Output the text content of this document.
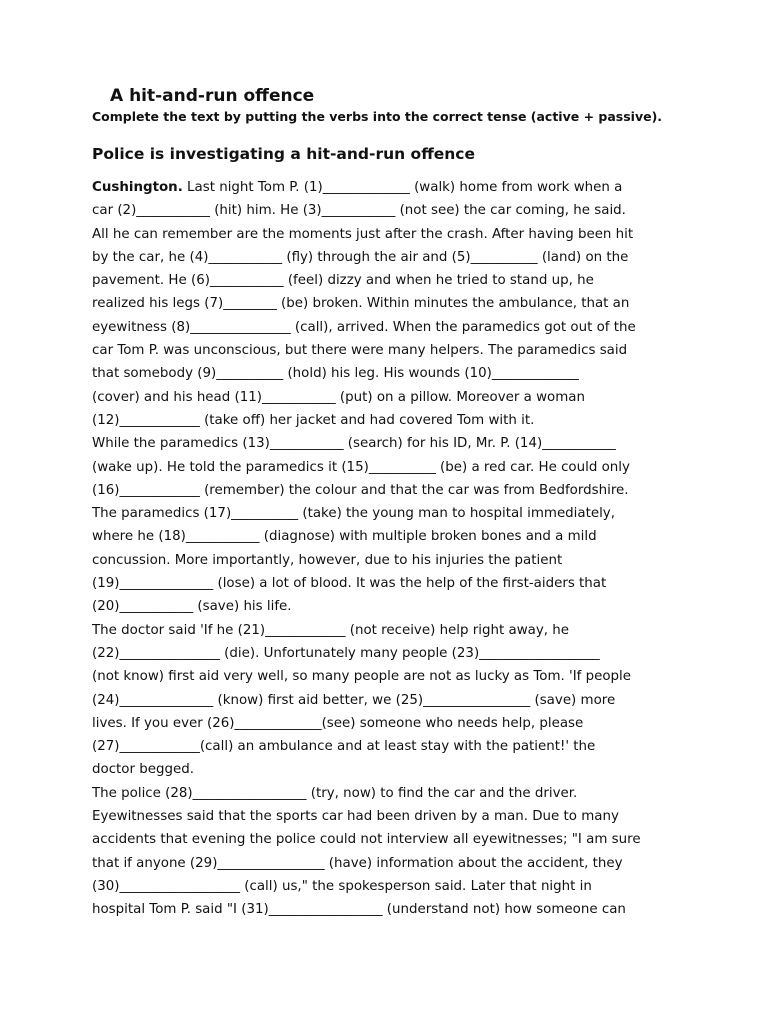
A hit-and-run offence

Complete the text by putting the verbs into the correct tense (active + passive).

Police is investigating a hit-and-run offence
Cushington. Last night Tom P. (1)_____________ (walk) home from work when a
car (2)___________ (hit) him. He (3)___________ (not see) the car coming, he said.
All he can remember are the moments just after the crash. After having been hit
by the car, he (4)___________ (fly) through the air and (5)__________ (land) on the
pavement. He (6)___________ (feel) dizzy and when he tried to stand up, he
realized his legs (7)________ (be) broken. Within minutes the ambulance, that an
eyewitness (8)_______________ (call), arrived. When the paramedics got out of the
car Tom P. was unconscious, but there were many helpers. The paramedics said
that somebody (9)__________ (hold) his leg. His wounds (10)_____________
(cover) and his head (11)___________ (put) on a pillow. Moreover a woman
(12)____________ (take off) her jacket and had covered Tom with it.
While the paramedics (13)___________ (search) for his ID, Mr. P. (14)___________
(wake up). He told the paramedics it (15)__________ (be) a red car. He could only
(16)____________ (remember) the colour and that the car was from Bedfordshire.
The paramedics (17)__________ (take) the young man to hospital immediately,
where he (18)___________ (diagnose) with multiple broken bones and a mild
concussion. More importantly, however, due to his injuries the patient
(19)______________ (lose) a lot of blood. It was the help of the first-aiders that
(20)___________ (save) his life.
The doctor said 'If he (21)____________ (not receive) help right away, he
(22)_______________ (die). Unfortunately many people (23)__________________
(not know) first aid very well, so many people are not as lucky as Tom. 'If people
(24)______________ (know) first aid better, we (25)________________ (save) more
lives. If you ever (26)_____________(see) someone who needs help, please
(27)____________(call) an ambulance and at least stay with the patient!' the
doctor begged.
The police (28)_________________ (try, now) to find the car and the driver.
Eyewitnesses said that the sports car had been driven by a man. Due to many
accidents that evening the police could not interview all eyewitnesses; "I am sure
that if anyone (29)________________ (have) information about the accident, they
(30)__________________ (call) us," the spokesperson said. Later that night in
hospital Tom P. said "I (31)_________________ (understand not) how someone can
